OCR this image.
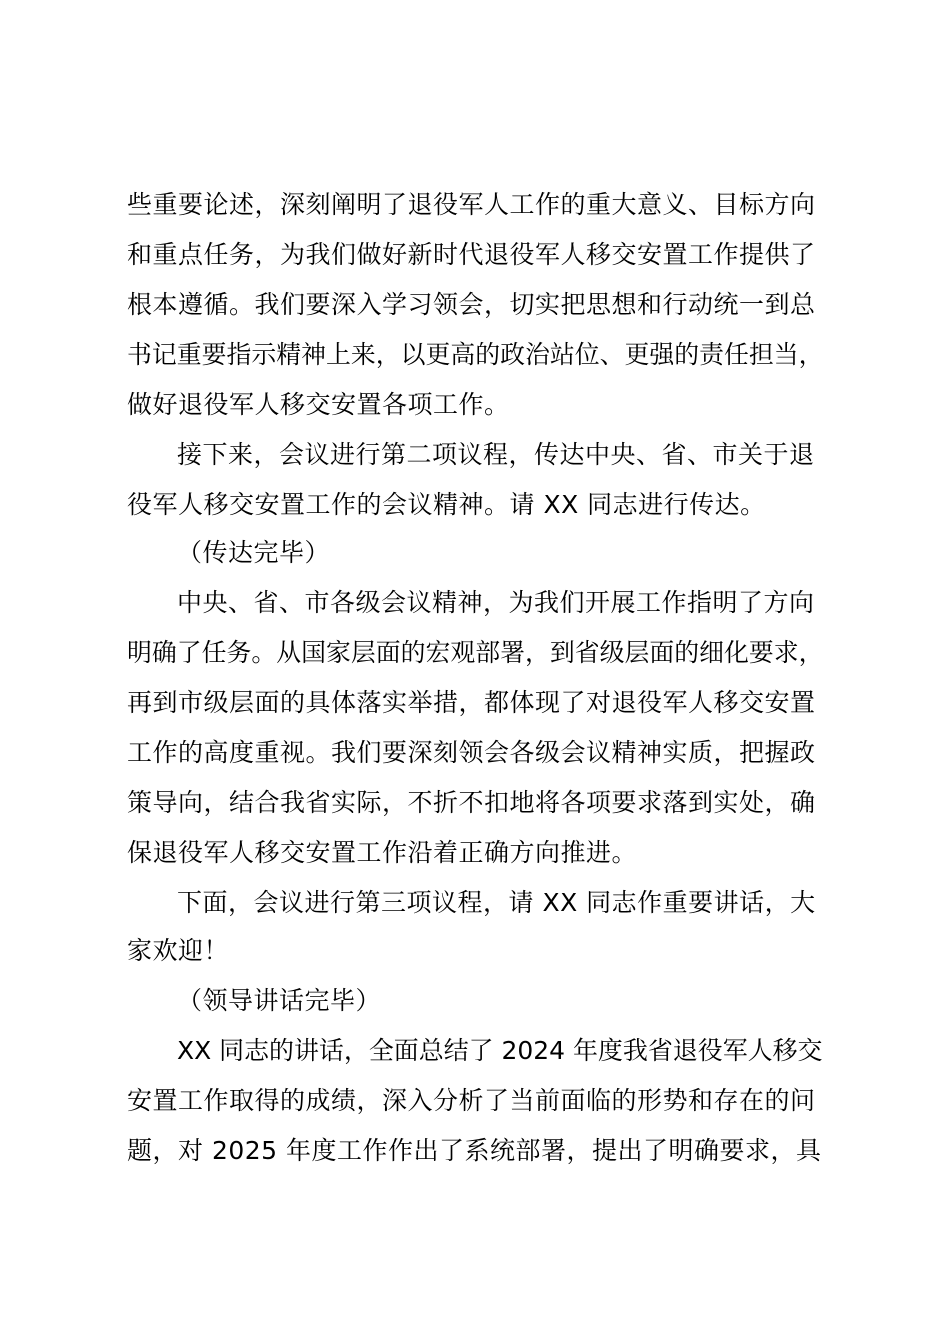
些重要论述，深刻阐明了退役军人工作的重大意义、目标方向
和重点任务，为我们做好新时代退役军人移交安置工作提供了
根本遵循。我们要深入学习领会，切实把思想和行动统一到总
书记重要指示精神上来，以更高的政治站位、更强的责任担当，
做好退役军人移交安置各项工作。
接下来，会议进行第二项议程，传达中央、省、市关于退
役军人移交安置工作的会议精神。请 XX 同志进行传达。
（传达完毕）
中央、省、市各级会议精神，为我们开展工作指明了方向
明确了任务。从国家层面的宏观部署，到省级层面的细化要求，
再到市级层面的具体落实举措，都体现了对退役军人移交安置
工作的高度重视。我们要深刻领会各级会议精神实质，把握政
策导向，结合我省实际，不折不扣地将各项要求落到实处，确
保退役军人移交安置工作沿着正确方向推进。
下面，会议进行第三项议程，请 XX 同志作重要讲话，大
家欢迎！
（领导讲话完毕）
XX 同志的讲话，全面总结了 2024 年度我省退役军人移交
安置工作取得的成绩，深入分析了当前面临的形势和存在的问
题，对 2025 年度工作作出了系统部署，提出了明确要求，具
